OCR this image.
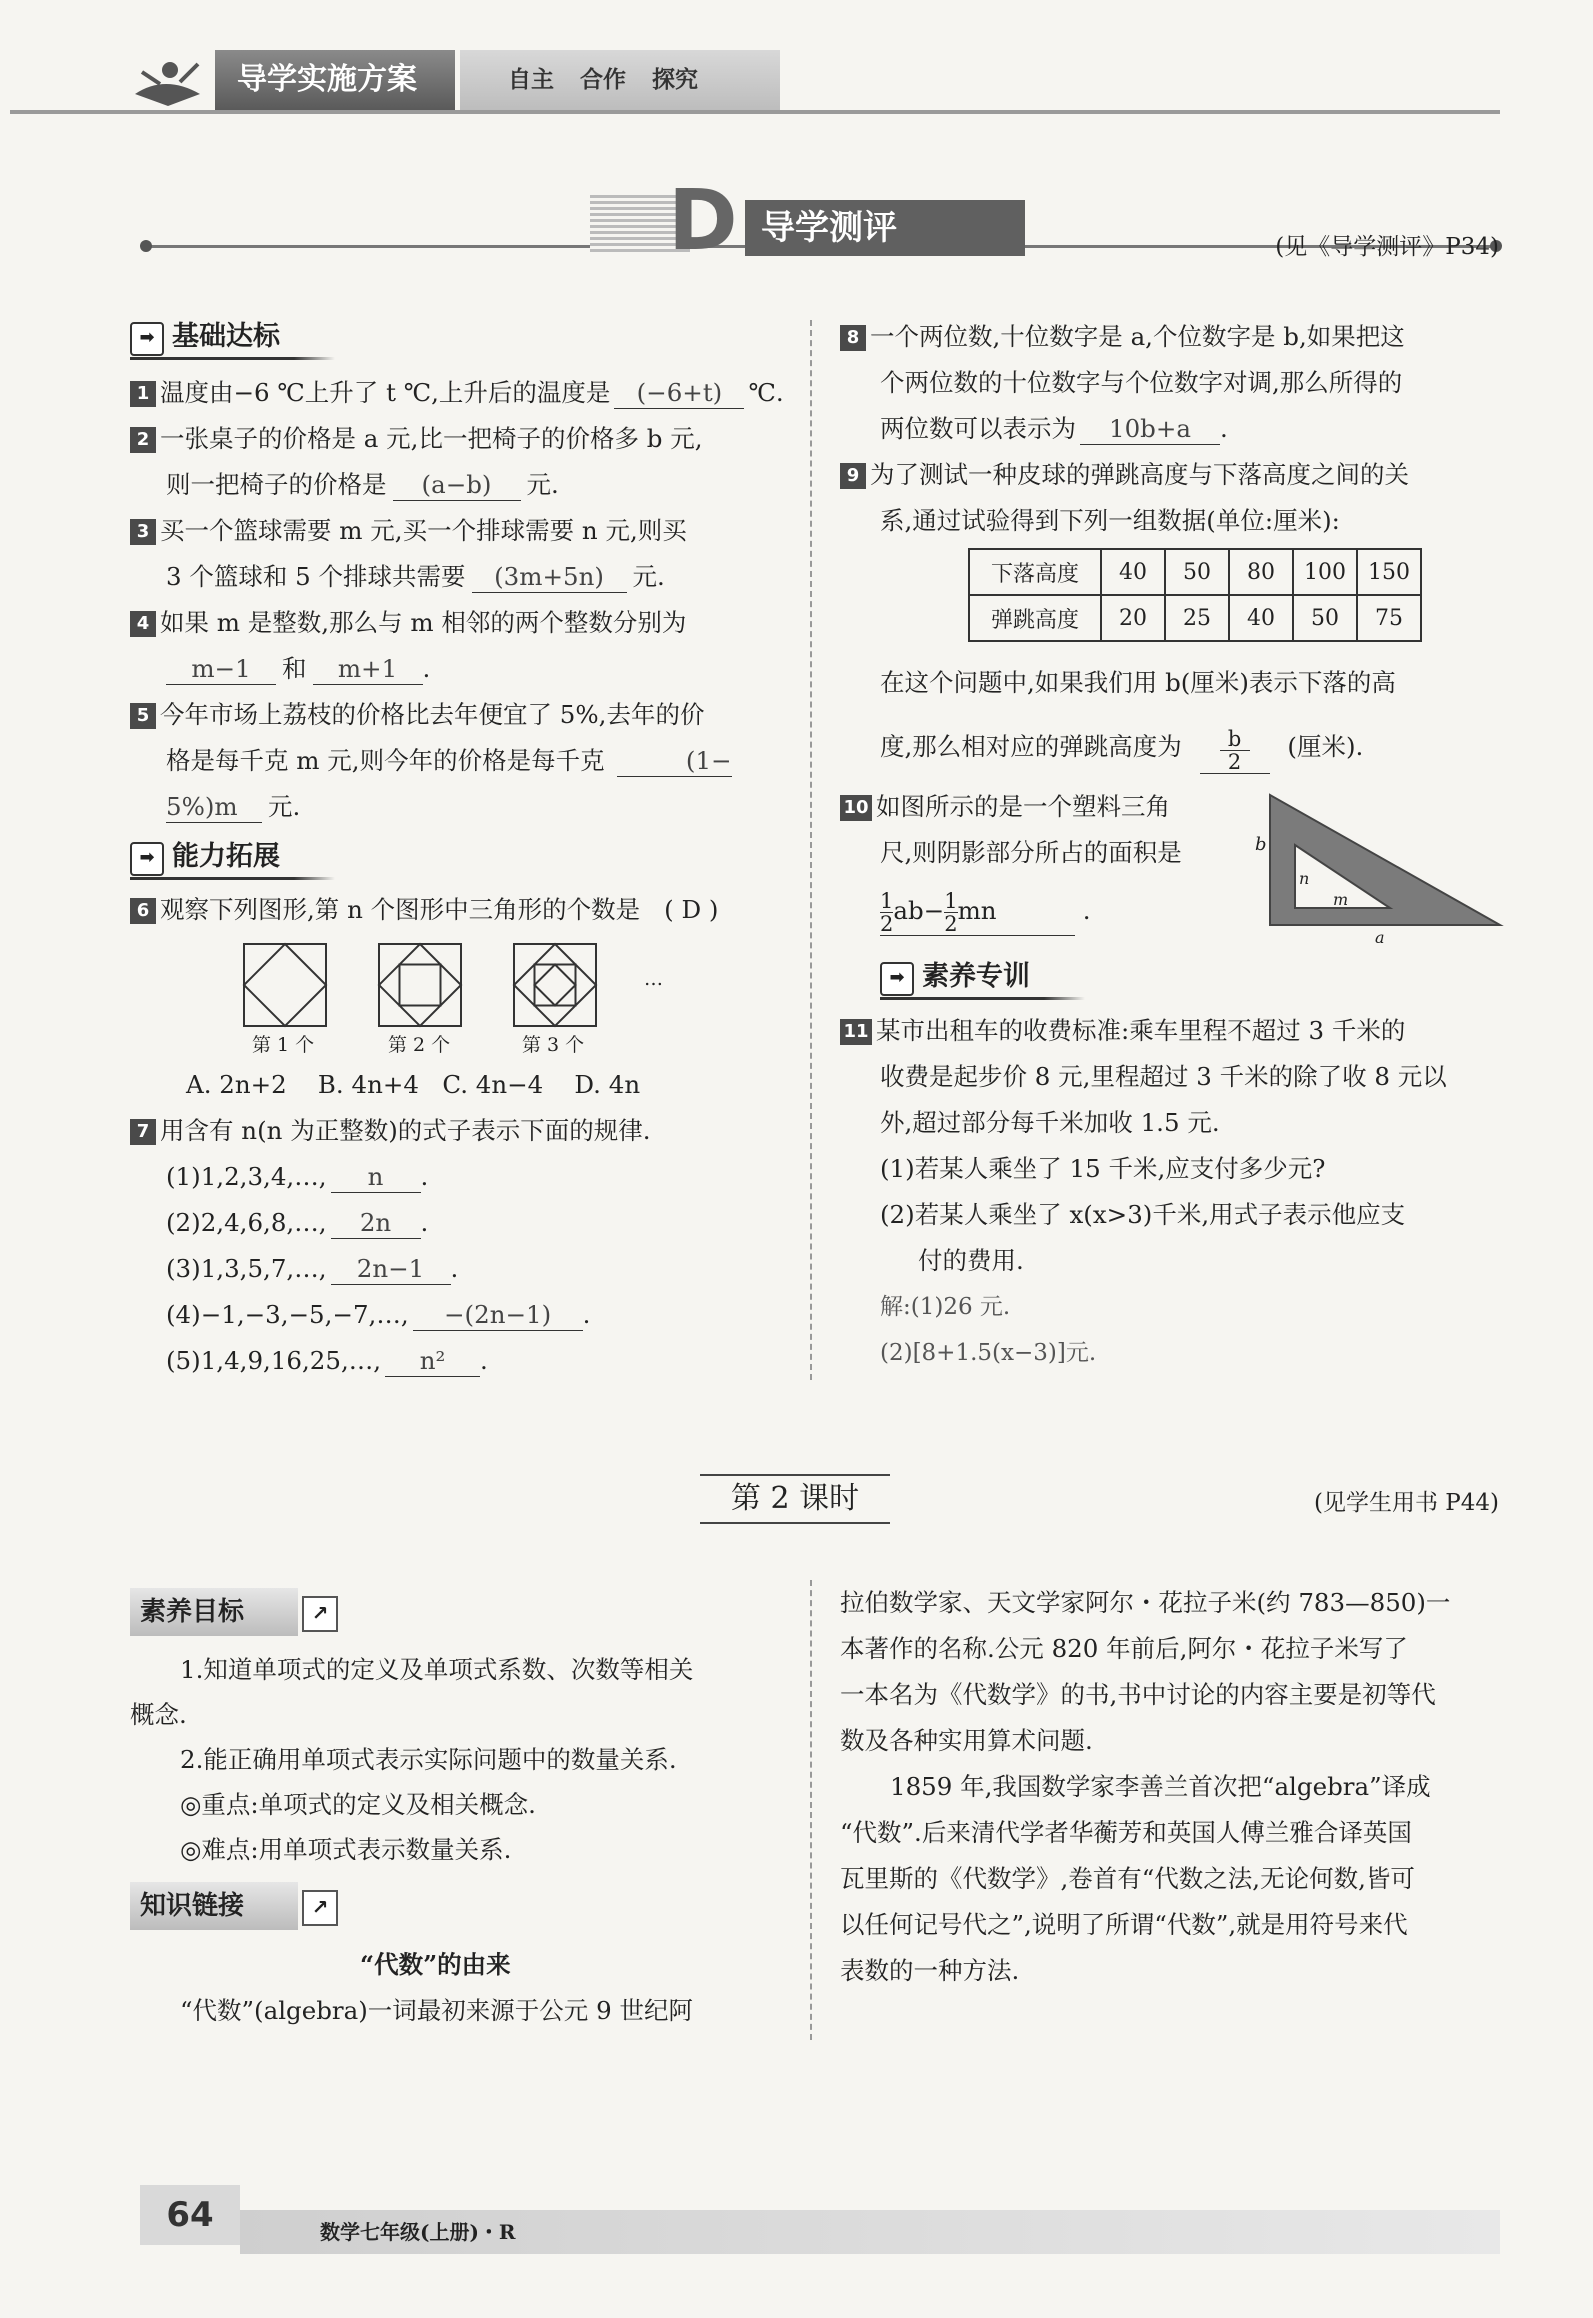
导学实施方案	自主 合作 探究
D 导学测评	(见《导学测评》P34)
➡ 基础达标
1 温度由−6 ℃上升了 t ℃,上升后的温度是 (−6+t) ℃.
2 一张桌子的价格是 a 元,比一把椅子的价格多 b 元,
则一把椅子的价格是 (a−b) 元.
3 买一个篮球需要 m 元,买一个排球需要 n 元,则买
3 个篮球和 5 个排球共需要 (3m+5n) 元.
4 如果 m 是整数,那么与 m 相邻的两个整数分别为
m−1 和 m+1 .
5 今年市场上荔枝的价格比去年便宜了 5%,去年的价
格是每千克 m 元,则今年的价格是每千克	(1−
5%)m 元.
➡ 能力拓展
6 观察下列图形,第 n 个图形中三角形的个数是 ( D )
第 1 个	第 2 个	第 3 个
…
A. 2n+2    B. 4n+4   C. 4n−4    D. 4n
7 用含有 n(n 为正整数)的式子表示下面的规律.
(1)1,2,3,4,…, n .
(2)2,4,6,8,…, 2n .
(3)1,3,5,7,…, 2n−1 .
(4)−1,−3,−5,−7,…, −(2n−1) .
(5)1,4,9,16,25,…, n² .
8 一个两位数,十位数字是 a,个位数字是 b,如果把这
个两位数的十位数字与个位数字对调,那么所得的
两位数可以表示为 10b+a .
9 为了测试一种皮球的弹跳高度与下落高度之间的关
系,通过试验得到下列一组数据(单位:厘米):
下落高度	40	50	80	100	150
弹跳高度	20	25	40	50	75
在这个问题中,如果我们用 b(厘米)表示下落的高
度,那么相对应的弹跳高度为 $\frac{b}{2}$ (厘米).
10 如图所示的是一个塑料三角
尺,则阴影部分所占的面积是
$\frac{1}{2} ab- \frac{1}{2}$ mn	.
b
n
m
a
➡ 素养专训
11 某市出租车的收费标准:乘车里程不超过 3 千米的
收费是起步价 8 元,里程超过 3 千米的除了收 8 元以
外,超过部分每千米加收 1.5 元.
(1)若某人乘坐了 15 千米,应支付多少元?
(2)若某人乘坐了 x(x>3)千米,用式子表示他应支
付的费用.
解:(1)26 元.
(2)[8+1.5(x−3)]元.
第 2 课时	(见学生用书 P44)
素养目标	↗
1.知道单项式的定义及单项式系数、次数等相关
概念.
2.能正确用单项式表示实际问题中的数量关系.
◎重点:单项式的定义及相关概念.
◎难点:用单项式表示数量关系.
知识链接	↗
“代数”的由来
“代数”(algebra)一词最初来源于公元 9 世纪阿
拉伯数学家、天文学家阿尔・花拉子米(约 783—850)一
本著作的名称.公元 820 年前后,阿尔・花拉子米写了
一本名为《代数学》的书,书中讨论的内容主要是初等代
数及各种实用算术问题.
1859 年,我国数学家李善兰首次把“algebra”译成
“代数”.后来清代学者华蘅芳和英国人傅兰雅合译英国
瓦里斯的《代数学》,卷首有“代数之法,无论何数,皆可
以任何记号代之”,说明了所谓“代数”,就是用符号来代
表数的一种方法.
64	数学七年级(上册)・R
